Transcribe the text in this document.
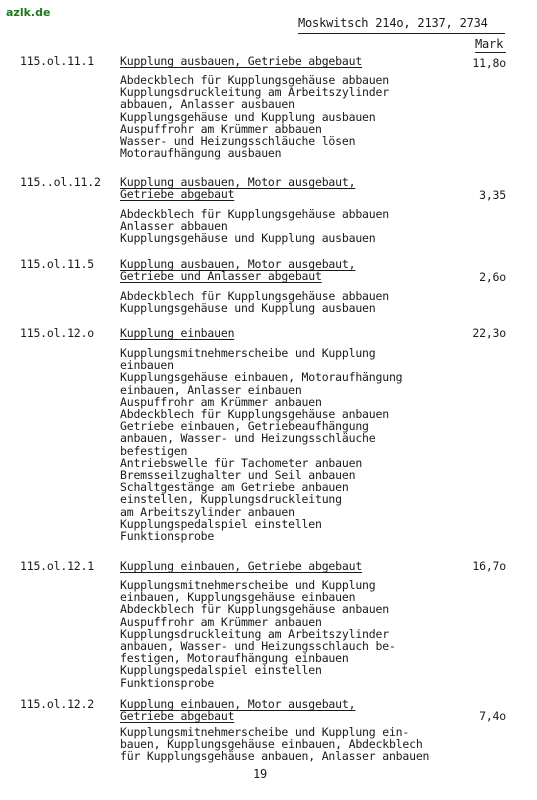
azlk.de
Moskwitsch 214o, 2137, 2734
Mark
115.ol.11.1 Kupplung ausbauen, Getriebe abgebaut	11,8o
Abdeckblech für Kupplungsgehäuse abbauen
Kupplungsdruckleitung am Arbeitszylinder
abbauen, Anlasser ausbauen
Kupplungsgehäuse und Kupplung ausbauen
Auspuffrohr am Krümmer abbauen
Wasser- und Heizungsschläuche lösen
Motoraufhängung ausbauen
115..ol.11.2 Kupplung ausbauen, Motor ausgebaut,
Getriebe abgebaut	3,35
Abdeckblech für Kupplungsgehäuse abbauen
Anlasser abbauen
Kupplungsgehäuse und Kupplung ausbauen
115.ol.11.5 Kupplung ausbauen, Motor ausgebaut,
Getriebe und Anlasser abgebaut	2,6o
Abdeckblech für Kupplungsgehäuse abbauen
Kupplungsgehäuse und Kupplung ausbauen
115.ol.12.o Kupplung einbauen	22,3o
Kupplungsmitnehmerscheibe und Kupplung
einbauen
Kupplungsgehäuse einbauen, Motoraufhängung
einbauen, Anlasser einbauen
Auspuffrohr am Krümmer anbauen
Abdeckblech für Kupplungsgehäuse anbauen
Getriebe einbauen, Getriebeaufhängung
anbauen, Wasser- und Heizungsschläuche
befestigen
Antriebswelle für Tachometer anbauen
Bremsseilzughalter und Seil anbauen
Schaltgestänge am Getriebe anbauen
einstellen, Kupplungsdruckleitung
am Arbeitszylinder anbauen
Kupplungspedalspiel einstellen
Funktionsprobe
115.ol.12.1 Kupplung einbauen, Getriebe abgebaut	16,7o
Kupplungsmitnehmerscheibe und Kupplung
einbauen, Kupplungsgehäuse einbauen
Abdeckblech für Kupplungsgehäuse anbauen
Auspuffrohr am Krümmer anbauen
Kupplungsdruckleitung am Arbeitszylinder
anbauen, Wasser- und Heizungsschlauch be-
festigen, Motoraufhängung einbauen
Kupplungspedalspiel einstellen
Funktionsprobe
115.ol.12.2 Kupplung einbauen, Motor ausgebaut,
Getriebe abgebaut	7,4o
Kupplungsmitnehmerscheibe und Kupplung ein-
bauen, Kupplungsgehäuse einbauen, Abdeckblech
für Kupplungsgehäuse anbauen, Anlasser anbauen
19
